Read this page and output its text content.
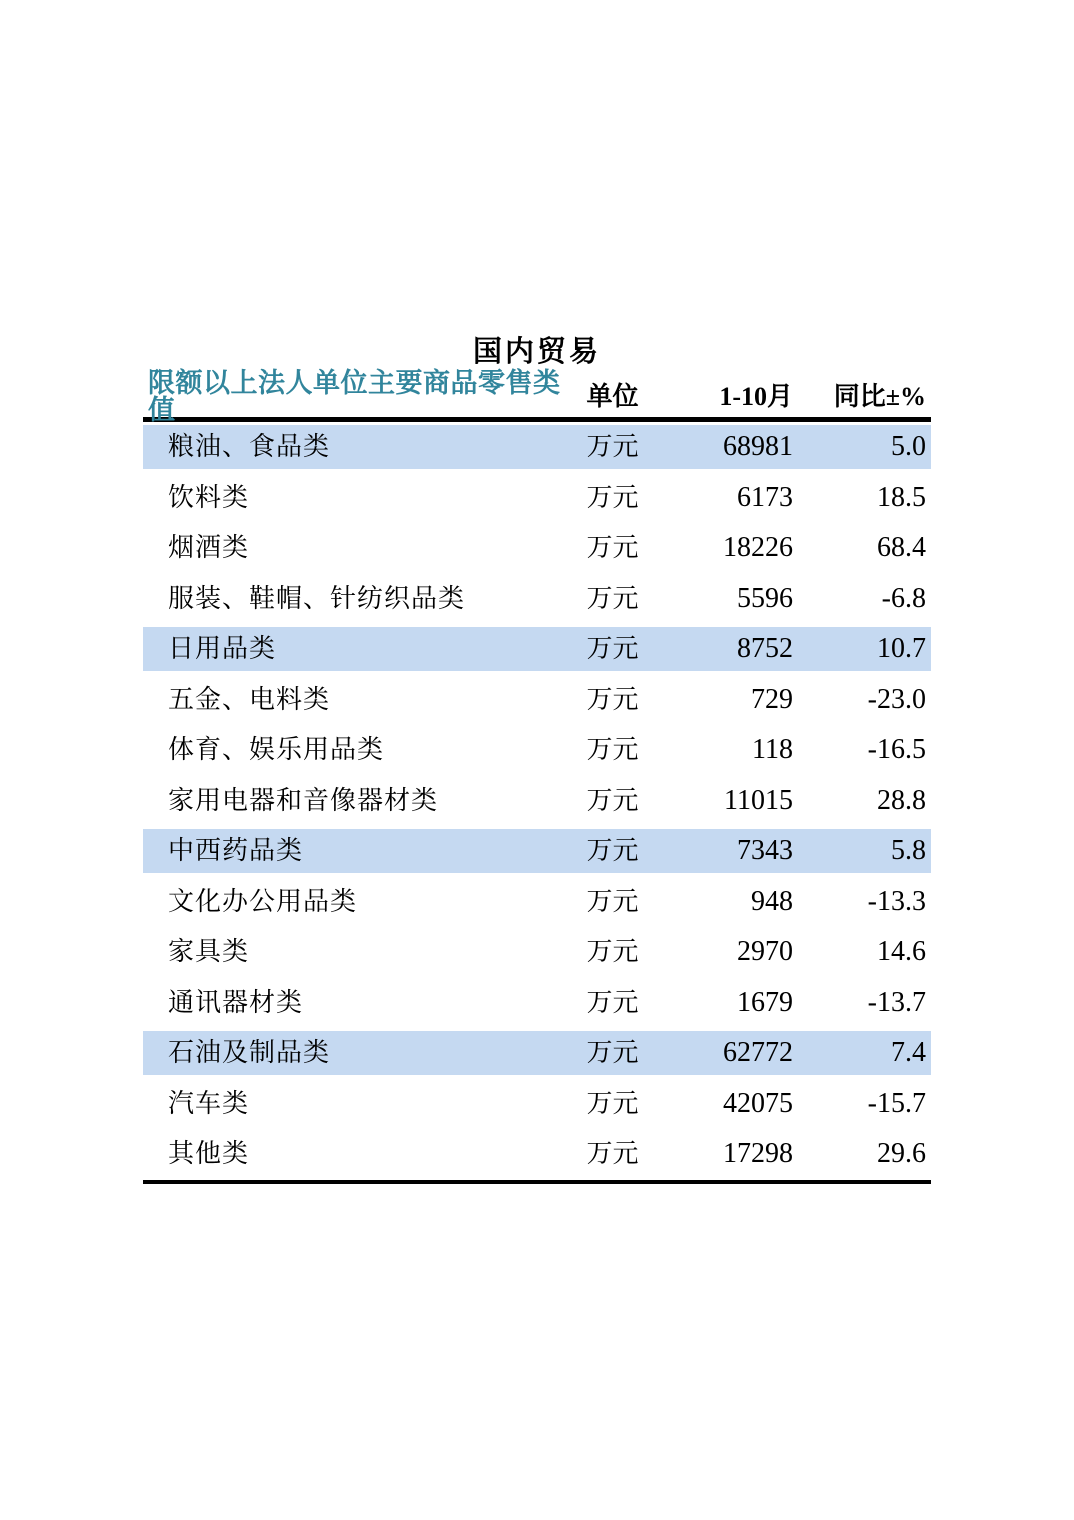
国内贸易
限额以上法人单位主要商品零售类值	单位	1-10月	同比±%
粮油、食品类	万元	68981	5.0
饮料类	万元	6173	18.5
烟酒类	万元	18226	68.4
服装、鞋帽、针纺织品类	万元	5596	-6.8
日用品类	万元	8752	10.7
五金、电料类	万元	729	-23.0
体育、娱乐用品类	万元	118	-16.5
家用电器和音像器材类	万元	11015	28.8
中西药品类	万元	7343	5.8
文化办公用品类	万元	948	-13.3
家具类	万元	2970	14.6
通讯器材类	万元	1679	-13.7
石油及制品类	万元	62772	7.4
汽车类	万元	42075	-15.7
其他类	万元	17298	29.6
